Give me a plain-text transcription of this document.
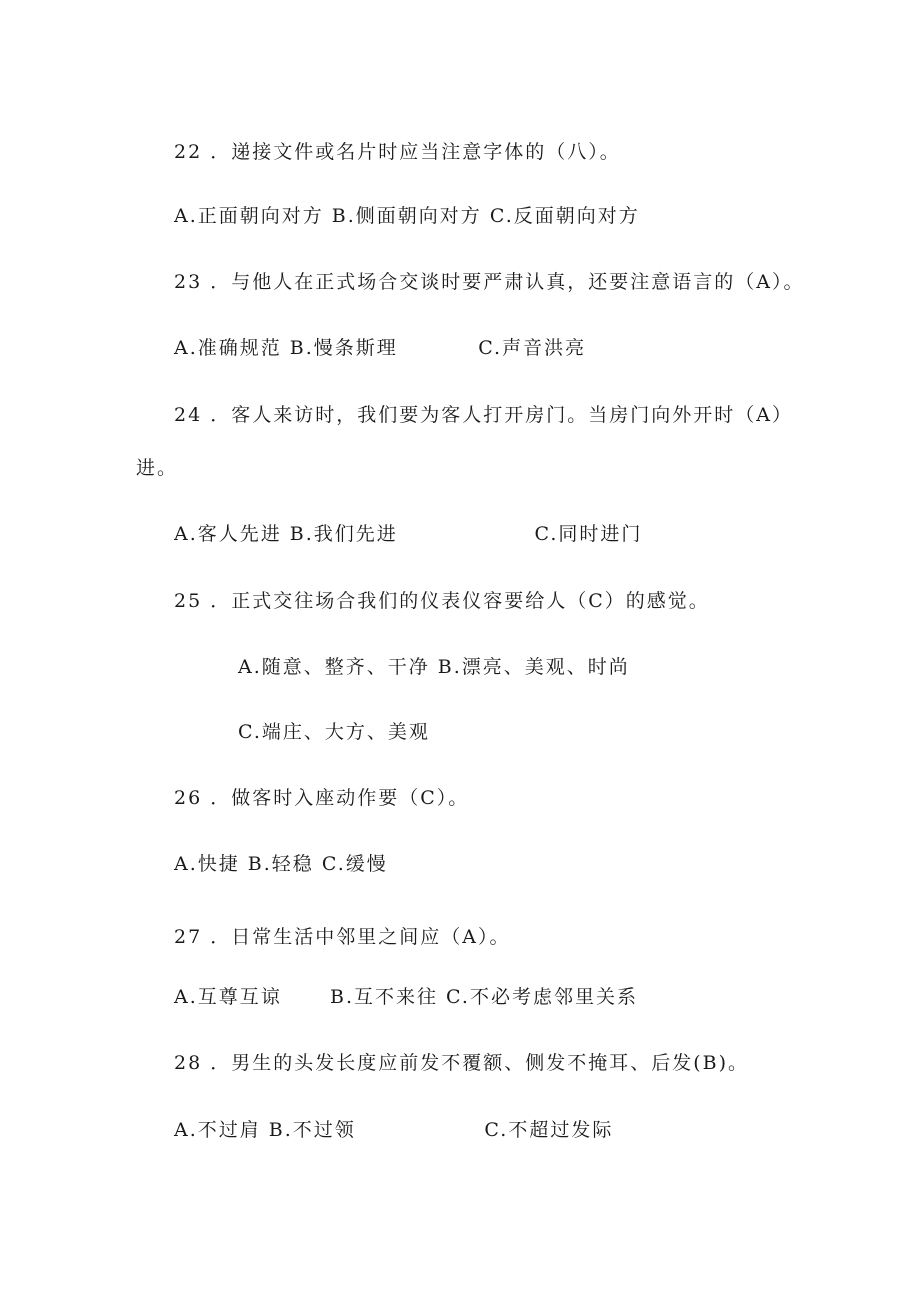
22 ．递接文件或名片时应当注意字体的（八）。
A.正面朝向对方 B.侧面朝向对方 C.反面朝向对方
23 ．与他人在正式场合交谈时要严肃认真，还要注意语言的（A）。
A.准确规范 B.慢条斯理          C.声音洪亮
24 ．客人来访时，我们要为客人打开房门。当房门向外开时（A）
进。
A.客人先进 B.我们先进                 C.同时进门
25 ．正式交往场合我们的仪表仪容要给人（C）的感觉。
A.随意、整齐、干净 B.漂亮、美观、时尚
C.端庄、大方、美观
26 ．做客时入座动作要（C）。
A.快捷 B.轻稳 C.缓慢
27 ．日常生活中邻里之间应（A）。
A.互尊互谅      B.互不来往 C.不必考虑邻里关系
28 ．男生的头发长度应前发不覆额、侧发不掩耳、后发(B)。
A.不过肩 B.不过领                C.不超过发际
